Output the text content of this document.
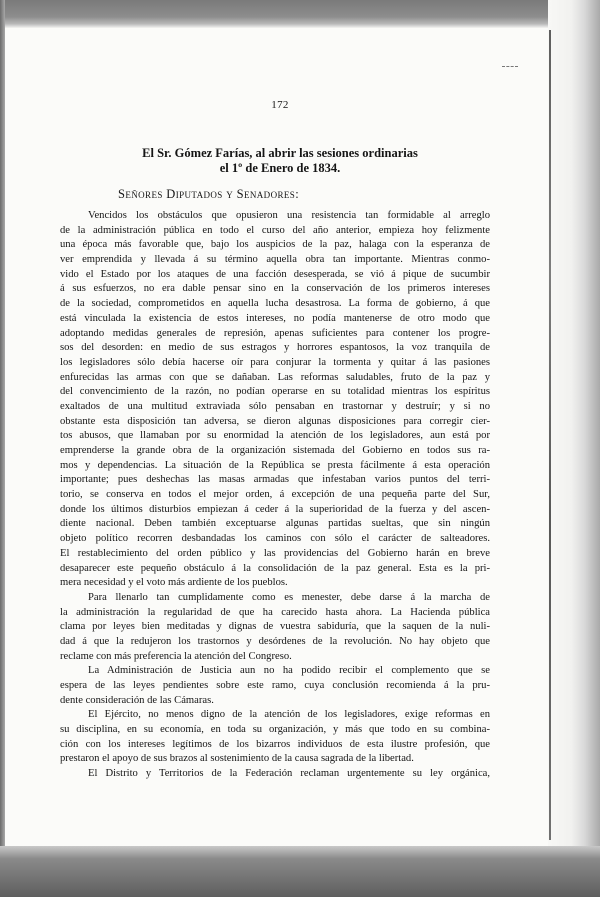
172
El Sr. Gómez Farías, al abrir las sesiones ordinarias
el 1º de Enero de 1834.
Señores Diputados y Senadores:
Vencidos los obstáculos que opusieron una resistencia tan formidable al arreglo
de la administración pública en todo el curso del año anterior, empieza hoy felizmente
una época más favorable que, bajo los auspicios de la paz, halaga con la esperanza de
ver emprendida y llevada á su término aquella obra tan importante. Mientras conmo-
vido el Estado por los ataques de una facción desesperada, se vió á pique de sucumbir
á sus esfuerzos, no era dable pensar sino en la conservación de los primeros intereses
de la sociedad, comprometidos en aquella lucha desastrosa. La forma de gobierno, á que
está vinculada la existencia de estos intereses, no podía mantenerse de otro modo que
adoptando medidas generales de represión, apenas suficientes para contener los progre-
sos del desorden: en medio de sus estragos y horrores espantosos, la voz tranquila de
los legisladores sólo debía hacerse oír para conjurar la tormenta y quitar á las pasiones
enfurecidas las armas con que se dañaban. Las reformas saludables, fruto de la paz y
del convencimiento de la razón, no podían operarse en su totalidad mientras los espíritus
exaltados de una multitud extraviada sólo pensaban en trastornar y destruír; y si no
obstante esta disposición tan adversa, se dieron algunas disposiciones para corregir cier-
tos abusos, que llamaban por su enormidad la atención de los legisladores, aun está por
emprenderse la grande obra de la organización sistemada del Gobierno en todos sus ra-
mos y dependencias. La situación de la República se presta fácilmente á esta operación
importante; pues deshechas las masas armadas que infestaban varios puntos del terri-
torio, se conserva en todos el mejor orden, á excepción de una pequeña parte del Sur,
donde los últimos disturbios empiezan á ceder á la superioridad de la fuerza y del ascen-
diente nacional. Deben también exceptuarse algunas partidas sueltas, que sin ningún
objeto político recorren desbandadas los caminos con sólo el carácter de salteadores.
El restablecimiento del orden público y las providencias del Gobierno harán en breve
desaparecer este pequeño obstáculo á la consolidación de la paz general. Esta es la pri-
mera necesidad y el voto más ardiente de los pueblos.
Para llenarlo tan cumplidamente como es menester, debe darse á la marcha de
la administración la regularidad de que ha carecido hasta ahora. La Hacienda pública
clama por leyes bien meditadas y dignas de vuestra sabiduría, que la saquen de la nuli-
dad á que la redujeron los trastornos y desórdenes de la revolución. No hay objeto que
reclame con más preferencia la atención del Congreso.
La Administración de Justicia aun no ha podido recibir el complemento que se
espera de las leyes pendientes sobre este ramo, cuya conclusión recomienda á la pru-
dente consideración de las Cámaras.
El Ejército, no menos digno de la atención de los legisladores, exige reformas en
su disciplina, en su economía, en toda su organización, y más que todo en su combina-
ción con los intereses legítimos de los bizarros individuos de esta ilustre profesión, que
prestaron el apoyo de sus brazos al sostenimiento de la causa sagrada de la libertad.
El Distrito y Territorios de la Federación reclaman urgentemente su ley orgánica,
